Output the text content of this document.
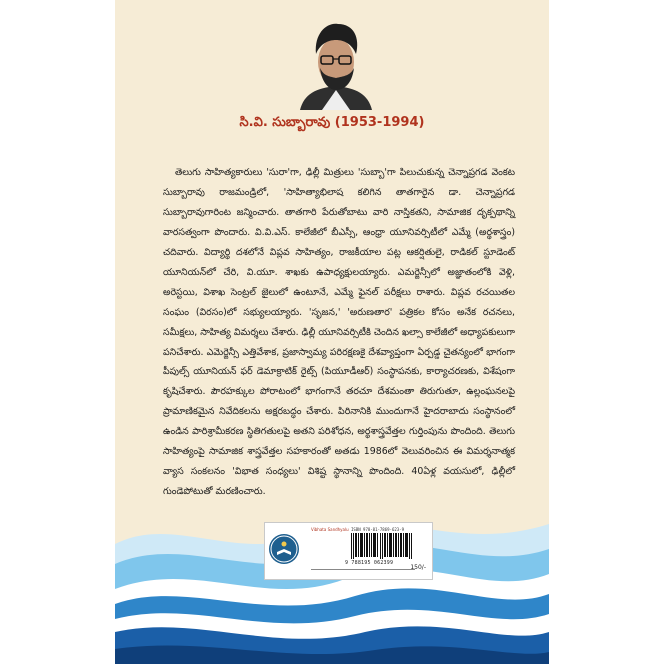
సి.వి. సుబ్బారావు (1953-1994)

తెలుగు సాహిత్యకారులు 'సురా'గా, ఢిల్లీ మిత్రులు 'సుబ్బా'గా పిలుచుకున్న చెన్నాప్రగడ వెంకట సుబ్బారావు రాజమండ్రిలో, 'సాహిత్యాభిలాష కలిగిన తాతగారైన డా. చెన్నాప్రగడ సుబ్బారావుగారింట జన్మించారు. తాతగారి పేరుతోబాటు వారి నాస్తికతని, సామాజిక దృక్పథాన్ని వారసత్వంగా పొందారు. వి.వి.ఎస్. కాలేజీలో బీఎస్సీ, ఆంధ్రా యూనివర్సిటీలో ఎమ్మే (అర్థశాస్త్రం) చదివారు. విద్యార్థి దశలోనే విప్లవ సాహిత్యం, రాజకీయాల పట్ల ఆకర్షితులై, రాడికల్ స్టూడెంట్ యూనియన్‌లో చేరి, వి.యూ. శాఖకు ఉపాధ్యక్షులయ్యారు. ఎమర్జెన్సీలో అజ్ఞాతంలోకి వెళ్లి, అరెస్టయి, విశాఖ సెంట్రల్ జైలులో ఉంటూనే, ఎమ్మే ఫైనల్ పరీక్షలు రాశారు. విప్లవ రచయితల సంఘం (విరసం)లో సభ్యులయ్యారు. 'సృజన,' 'అరుణతార' పత్రికల కోసం అనేక రచనలు, సమీక్షలు, సాహిత్య విమర్శలు చేశారు. ఢిల్లీ యూనివర్సిటీకి చెందిన ఖల్సా కాలేజీలో అధ్యాపకులుగా పనిచేశారు. ఎమెర్జెన్సీ ఎత్తివేశాక, ప్రజాస్వామ్య పరిరక్షణకై దేశవ్యాప్తంగా ఏర్పడ్డ చైతన్యంలో భాగంగా పీపుల్స్ యూనియన్ ఫర్ డెమాక్రాటిక్ రైట్స్ (పియూడీఆర్) సంస్థాపనకు, కార్యాచరణకు, విశేషంగా కృషిచేశారు. పౌరహక్కుల పోరాటంలో భాగంగానే తరచూ దేశమంతా తిరుగుతూ, ఉల్లంఘనలపై ప్రామాణికమైన నివేదికలను అక్షరబద్ధం చేశారు. పిరినానికి ముందుగానే హైదరాబాదు సంస్థానంలో ఉండిన పారిశ్రామీకరణ స్థితిగతులపై అతని పరిశోధన, అర్థశాస్త్రవేత్తల గుర్తింపును పొందింది. తెలుగు సాహిత్యంపై సామాజిక శాస్త్రవేత్తల సహకారంతో అతడు 1986లో వెలువరించిన ఈ విమర్శనాత్మక వ్యాస సంకలనం 'విభాత సంధ్యలు' విశిష్ట స్థానాన్ని పొందింది. 40ఏళ్ల వయసులో, ఢిల్లీలో గుండెపోటుతో మరణించారు.

Vibhata Sandhyalu ISBN 978-81-7869-623-9
9 788195 062399
150/-
